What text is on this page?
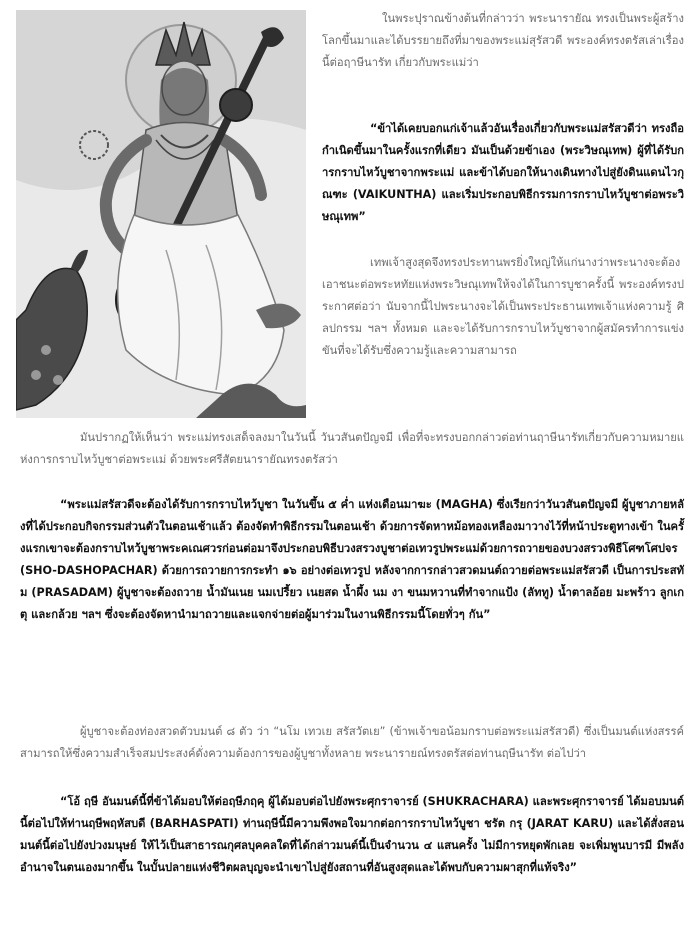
ในพระปุราณข้างต้นที่กล่าวว่า พระนารายัณ ทรงเป็นพระผู้สร้างโลกขึ้นมาและได้บรรยายถึงที่มาของพระแม่สุรัสวดี พระองค์ทรงตรัสเล่าเรื่องนี้ต่อฤาษีนารัท เกี่ยวกับพระแม่ว่า

“ข้าได้เคยบอกแก่เจ้าแล้วอันเรื่องเกี่ยวกับพระแม่สรัสวดีว่า ทรงถือกำเนิดขึ้นมาในครั้งแรกที่เดียว มันเป็นด้วยข้าเอง (พระวิษณุเทพ) ผู้ที่ได้รับการกราบไหว้บูชาจากพระแม่ และข้าได้บอกให้นางเดินทางไปสู่ยังดินแดนไวกุณฑะ (VAIKUNTHA) และเริ่มประกอบพิธีกรรมการกราบไหว้บูชาต่อพระวิษณุเทพ”

เทพเจ้าสูงสุดจึงทรงประทานพรยิ่งใหญ่ให้แก่นางว่าพระนางจะต้องเอาชนะต่อพระหทัยแห่งพระวิษณุเทพให้จงได้ในการบูชาครั้งนี้ พระองค์ทรงประกาศต่อว่า นับจากนี้ไปพระนางจะได้เป็นพระประธานเทพเจ้าแห่งความรู้ ศิลปกรรม ฯลฯ ทั้งหมด และจะได้รับการกราบไหว้บูชาจากผู้สมัครทำการแข่งขันที่จะได้รับซึ่งความรู้และความสามารถ

มันปรากฏให้เห็นว่า พระแม่ทรงเสด็จลงมาในวันนี้ วันวสันตปัญจมี เพื่อที่จะทรงบอกกล่าวต่อท่านฤาษีนารัทเกี่ยวกับความหมายแห่งการกราบไหว้บูชาต่อพระแม่ ด้วยพระศรีสัตยนารายัณทรงตรัสว่า

“พระแม่สรัสวดีจะต้องได้รับการกราบไหว้บูชา ในวันขึ้น ๕ ค่ำ แห่งเดือนมาฆะ (MAGHA) ซึ่งเรียกว่าวันวสันตปัญจมี ผู้บูชาภายหลังที่ได้ประกอบกิจกรรมส่วนตัวในตอนเช้าแล้ว ต้องจัดทำพิธีกรรมในตอนเช้า ด้วยการจัดหาหม้อทองเหลืองมาวางไว้ที่หน้าประตูทางเข้า ในครั้งแรกเขาจะต้องกราบไหว้บูชาพระคเณศวรก่อนต่อมาจึงประกอบพิธีบวงสรวงบูชาต่อเทวรูปพระแม่ด้วยการถวายของบวงสรวงพิธีโศฑโศปจร (SHO-DASHOPACHAR) ด้วยการถวายการกระทำ ๑๖ อย่างต่อเทวรูป หลังจากการกล่าวสวดมนต์ถวายต่อพระแม่สรัสวดี เป็นการประสทัม (PRASADAM) ผู้บูชาจะต้องถวาย น้ำมันเนย นมเปรี้ยว เนยสด น้ำผึ้ง นม งา ขนมหวานที่ทำจากแป้ง (ลัททู) น้ำตาลอ้อย มะพร้าว ลูกเกตุ และกล้วย ฯลฯ ซึ่งจะต้องจัดหานำมาถวายและแจกจ่ายต่อผู้มาร่วมในงานพิธีกรรมนี้โดยทั่วๆ กัน”

ผู้บูชาจะต้องท่องสวดตัวบมนต์ ๘ ตัว ว่า “นโม เทวเย สรัสวัตเย” (ข้าพเจ้าขอน้อมกราบต่อพระแม่สรัสวดี) ซึ่งเป็นมนต์แห่งสรรค์สามารถให้ซึ่งความสำเร็จสมประสงค์ดั่งความต้องการของผู้บูชาทั้งหลาย พระนารายณ์ทรงตรัสต่อท่านฤษีนารัท ต่อไปว่า

“โอ้ ฤษี อันมนต์นี้ที่ข้าได้มอบให้ต่อฤษีภฤคุ ผู้ได้มอบต่อไปยังพระศุกราจารย์ (SHUKRACHARA) และพระศุกราจารย์ ได้มอบมนต์นี้ต่อไปให้ท่านฤษีพฤหัสบดี (BARHASPATI) ท่านฤษีนี้มีความพึงพอใจมากต่อการกราบไหว้บูชา ชรัต กรุ (JARAT KARU) และได้สั่งสอนมนต์นี้ต่อไปยังปวงมนุษย์ ให้ไว้เป็นสาธารณกุศลบุคคลใดที่ได้กล่าวมนต์นี้เป็นจำนวน ๔ แสนครั้ง ไม่มีการหยุดพักเลย จะเพิ่มพูนบารมี มีพลังอำนาจในตนเองมากขึ้น ในบั้นปลายแห่งชีวิตผลบุญจะนำเขาไปสู่ยังสถานที่อันสูงสุดและได้พบกับความผาสุกที่แท้จริง”
